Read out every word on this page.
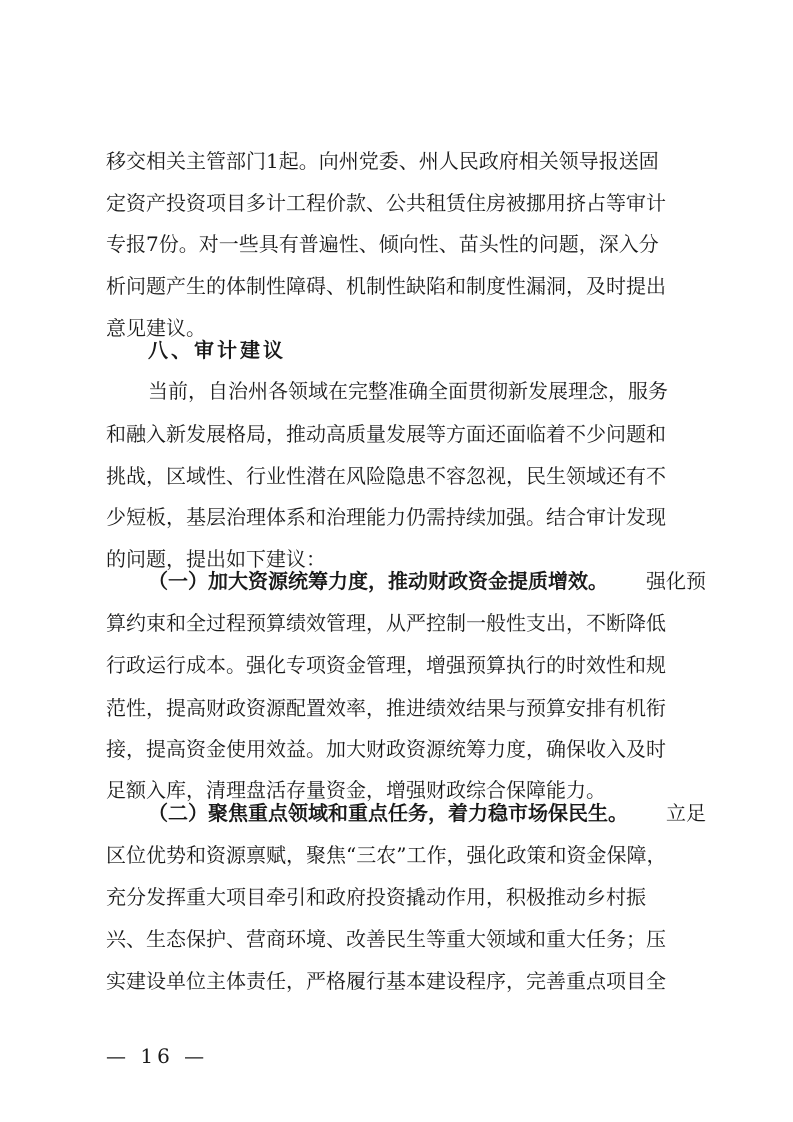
移交相关主管部门1起。向州党委、州人民政府相关领导报送固
定资产投资项目多计工程价款、公共租赁住房被挪用挤占等审计
专报7份。对一些具有普遍性、倾向性、苗头性的问题，深入分
析问题产生的体制性障碍、机制性缺陷和制度性漏洞，及时提出
意见建议。
八、审计建议
当前，自治州各领域在完整准确全面贯彻新发展理念，服务
和融入新发展格局，推动高质量发展等方面还面临着不少问题和
挑战，区域性、行业性潜在风险隐患不容忽视，民生领域还有不
少短板，基层治理体系和治理能力仍需持续加强。结合审计发现
的问题，提出如下建议：
（一）加大资源统筹力度，推动财政资金提质增效。 强化预
算约束和全过程预算绩效管理，从严控制一般性支出，不断降低
行政运行成本。强化专项资金管理，增强预算执行的时效性和规
范性，提高财政资源配置效率，推进绩效结果与预算安排有机衔
接，提高资金使用效益。加大财政资源统筹力度，确保收入及时
足额入库，清理盘活存量资金，增强财政综合保障能力。
（二）聚焦重点领域和重点任务，着力稳市场保民生。 立足
区位优势和资源禀赋，聚焦“三农”工作，强化政策和资金保障，
充分发挥重大项目牵引和政府投资撬动作用，积极推动乡村振
兴、生态保护、营商环境、改善民生等重大领域和重大任务；压
实建设单位主体责任，严格履行基本建设程序，完善重点项目全
— 16 —
